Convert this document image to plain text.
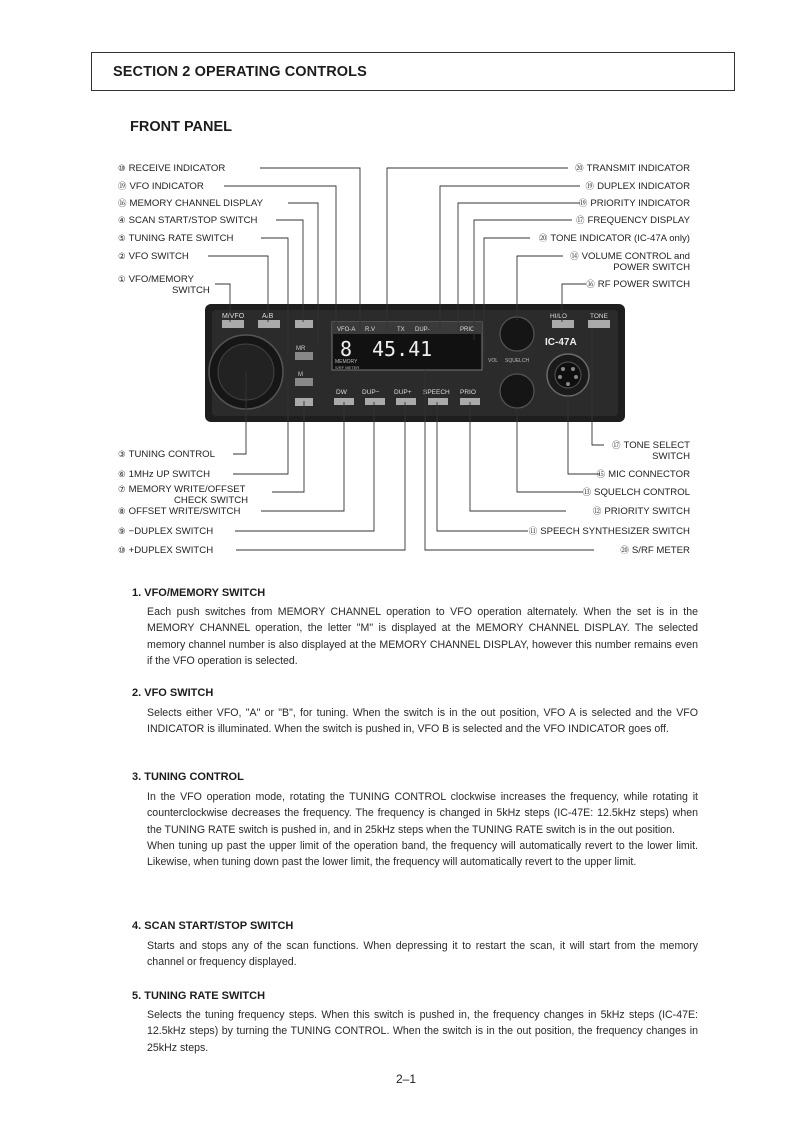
SECTION 2 OPERATING CONTROLS
FRONT PANEL
M/VFO	A/B
VFO-A R.V	TX DUP-	PRIO
8 45.41
MEMORY
S/RF METER
IC-47A
MR
M
DW DUP− DUP+ SPEECH PRIO
HI/LO	TONE
VOL SQUELCH
⑩ RECEIVE INDICATOR
⑲ VFO INDICATOR
⑯ MEMORY CHANNEL DISPLAY
④ SCAN START/STOP SWITCH
⑤ TUNING RATE SWITCH
② VFO SWITCH
① VFO/MEMORY
SWITCH
③ TUNING CONTROL
⑥ 1MHz UP SWITCH
⑦ MEMORY WRITE/OFFSET
CHECK SWITCH
⑧ OFFSET WRITE/SWITCH
⑨ −DUPLEX SWITCH
⑩ +DUPLEX SWITCH
⑳ TRANSMIT INDICATOR
⑲ DUPLEX INDICATOR
⑲ PRIORITY INDICATOR
⑰ FREQUENCY DISPLAY
⑳ TONE INDICATOR (IC-47A only)
⑭ VOLUME CONTROL and
POWER SWITCH
⑯ RF POWER SWITCH
⑰ TONE SELECT
SWITCH
⑮ MIC CONNECTOR
⑬ SQUELCH CONTROL
⑫ PRIORITY SWITCH
⑪ SPEECH SYNTHESIZER SWITCH
⑳ S/RF METER
1. VFO/MEMORY SWITCH

Each push switches from MEMORY CHANNEL operation to VFO operation alternately. When the set is in the MEMORY CHANNEL operation, the letter "M" is displayed at the MEMORY CHANNEL DISPLAY. The selected memory channel number is also displayed at the MEMORY CHANNEL DISPLAY, however this number remains even if the VFO operation is selected.

2. VFO SWITCH

Selects either VFO, "A" or "B", for tuning. When the switch is in the out position, VFO A is selected and the VFO INDICATOR is illuminated. When the switch is pushed in, VFO B is selected and the VFO INDICATOR goes off.

3. TUNING CONTROL

In the VFO operation mode, rotating the TUNING CONTROL clockwise increases the frequency, while rotating it counterclockwise decreases the frequency. The frequency is changed in 5kHz steps (IC-47E: 12.5kHz steps) when the TUNING RATE switch is pushed in, and in 25kHz steps when the TUNING RATE switch is in the out position.

When tuning up past the upper limit of the operation band, the frequency will automatically revert to the lower limit. Likewise, when tuning down past the lower limit, the frequency will automatically revert to the upper limit.

4. SCAN START/STOP SWITCH

Starts and stops any of the scan functions. When depressing it to restart the scan, it will start from the memory channel or frequency displayed.

5. TUNING RATE SWITCH

Selects the tuning frequency steps. When this switch is pushed in, the frequency changes in 5kHz steps (IC-47E: 12.5kHz steps) by turning the TUNING CONTROL. When the switch is in the out position, the frequency changes in 25kHz steps.

2–1
